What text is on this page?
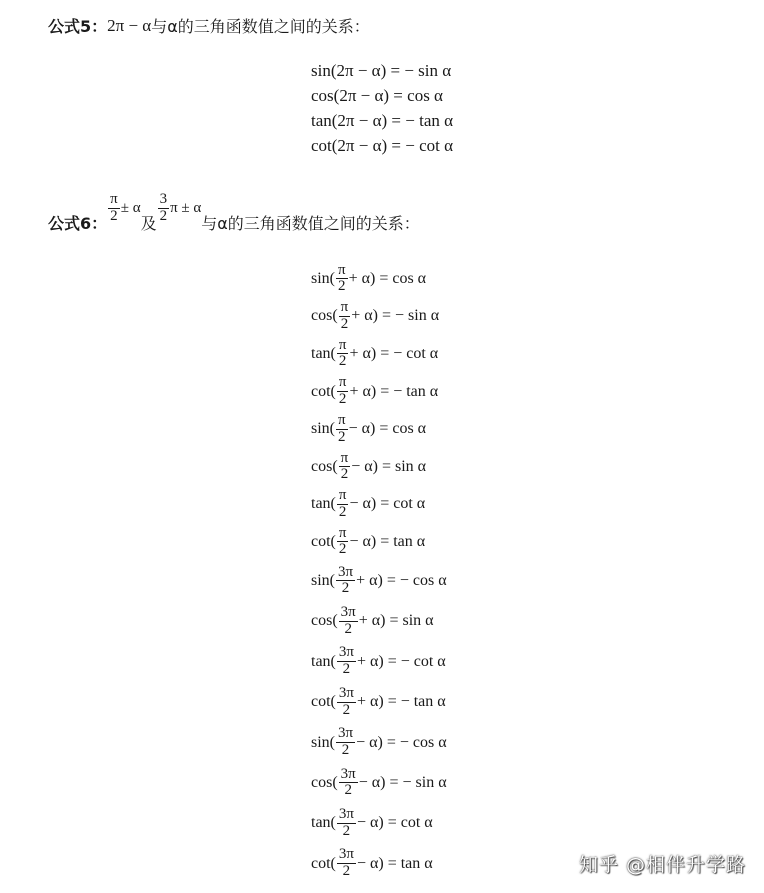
公式5： 2π − α 与α的三角函数值之间的关系：
sin(2π − α) = − sin α
cos(2π − α) = cos α
tan(2π − α) = − tan α
cot(2π − α) = − cot α
公式6： $\frac{\pi}{2} \pm \alpha$
及 $\frac{3}{2}$ π ± α
与α的三角函数值之间的关系：
$\sin( \frac{\pi}{2} + \alpha) = \cos \alpha$
$\cos( \frac{\pi}{2} + \alpha)$ = − sin α
$\tan( \frac{\pi}{2} + \alpha)$ = − cot α
$\cot( \frac{\pi}{2} + \alpha)$ = − tan α
$\sin( \frac{\pi}{2} - \alpha) = \cos \alpha$
$\cos( \frac{\pi}{2} - \alpha) = \sin \alpha$
$\tan( \frac{\pi}{2} - \alpha) = \cot \alpha$
$\cot( \frac{\pi}{2} - \alpha) = \tan \alpha$
$\sin( \frac{3\pi}{2} + \alpha)$ = − cos α
$\cos( \frac{3\pi}{2} + \alpha) = \sin \alpha$
$\tan( \frac{3\pi}{2} + \alpha)$ = − cot α
$\cot( \frac{3\pi}{2} + \alpha)$ = − tan α
$\sin( \frac{3\pi}{2} - \alpha)$ = − cos α
$\cos( \frac{3\pi}{2} - \alpha)$ = − sin α
$\tan( \frac{3\pi}{2} - \alpha) = \cot \alpha$
$\cot( \frac{3\pi}{2} - \alpha) = \tan \alpha$	知乎 @相伴升学路
